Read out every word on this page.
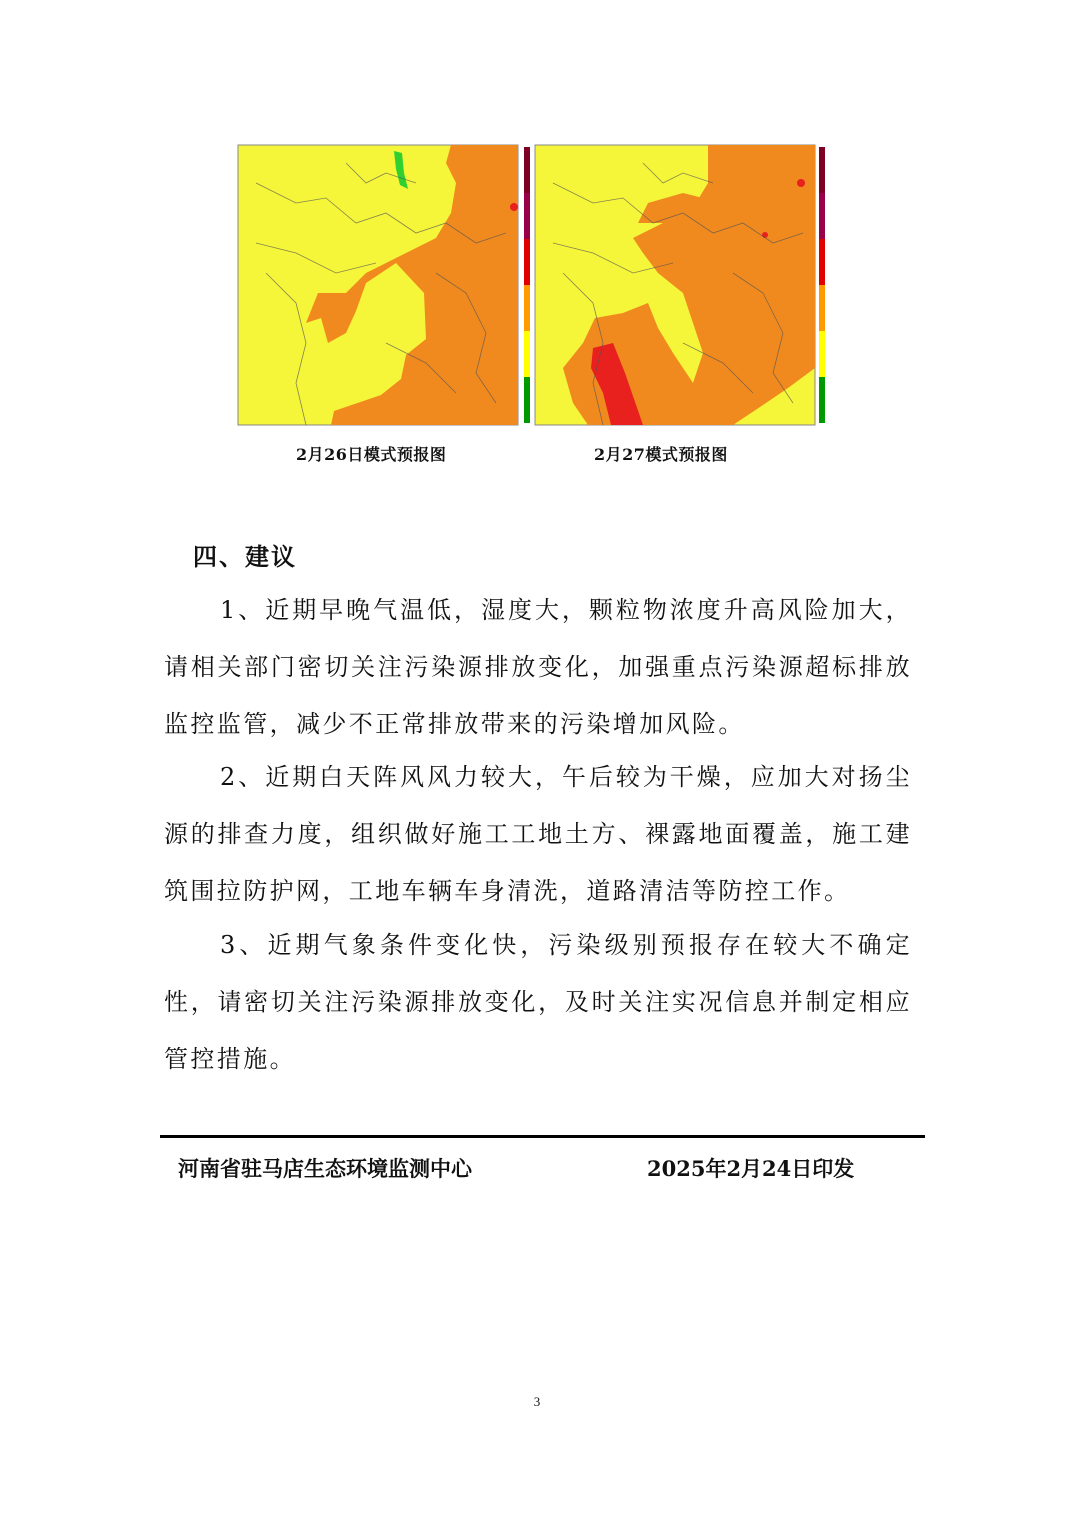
2月26日模式预报图	2月27模式预报图
四、建议

1、近期早晚气温低，湿度大，颗粒物浓度升高风险加大，请相关部门密切关注污染源排放变化，加强重点污染源超标排放监控监管，减少不正常排放带来的污染增加风险。

2、近期白天阵风风力较大，午后较为干燥，应加大对扬尘源的排查力度，组织做好施工工地土方、裸露地面覆盖，施工建筑围拉防护网，工地车辆车身清洗，道路清洁等防控工作。

3、近期气象条件变化快，污染级别预报存在较大不确定性，请密切关注污染源排放变化，及时关注实况信息并制定相应管控措施。

河南省驻马店生态环境监测中心	2025年2月24日印发
3
